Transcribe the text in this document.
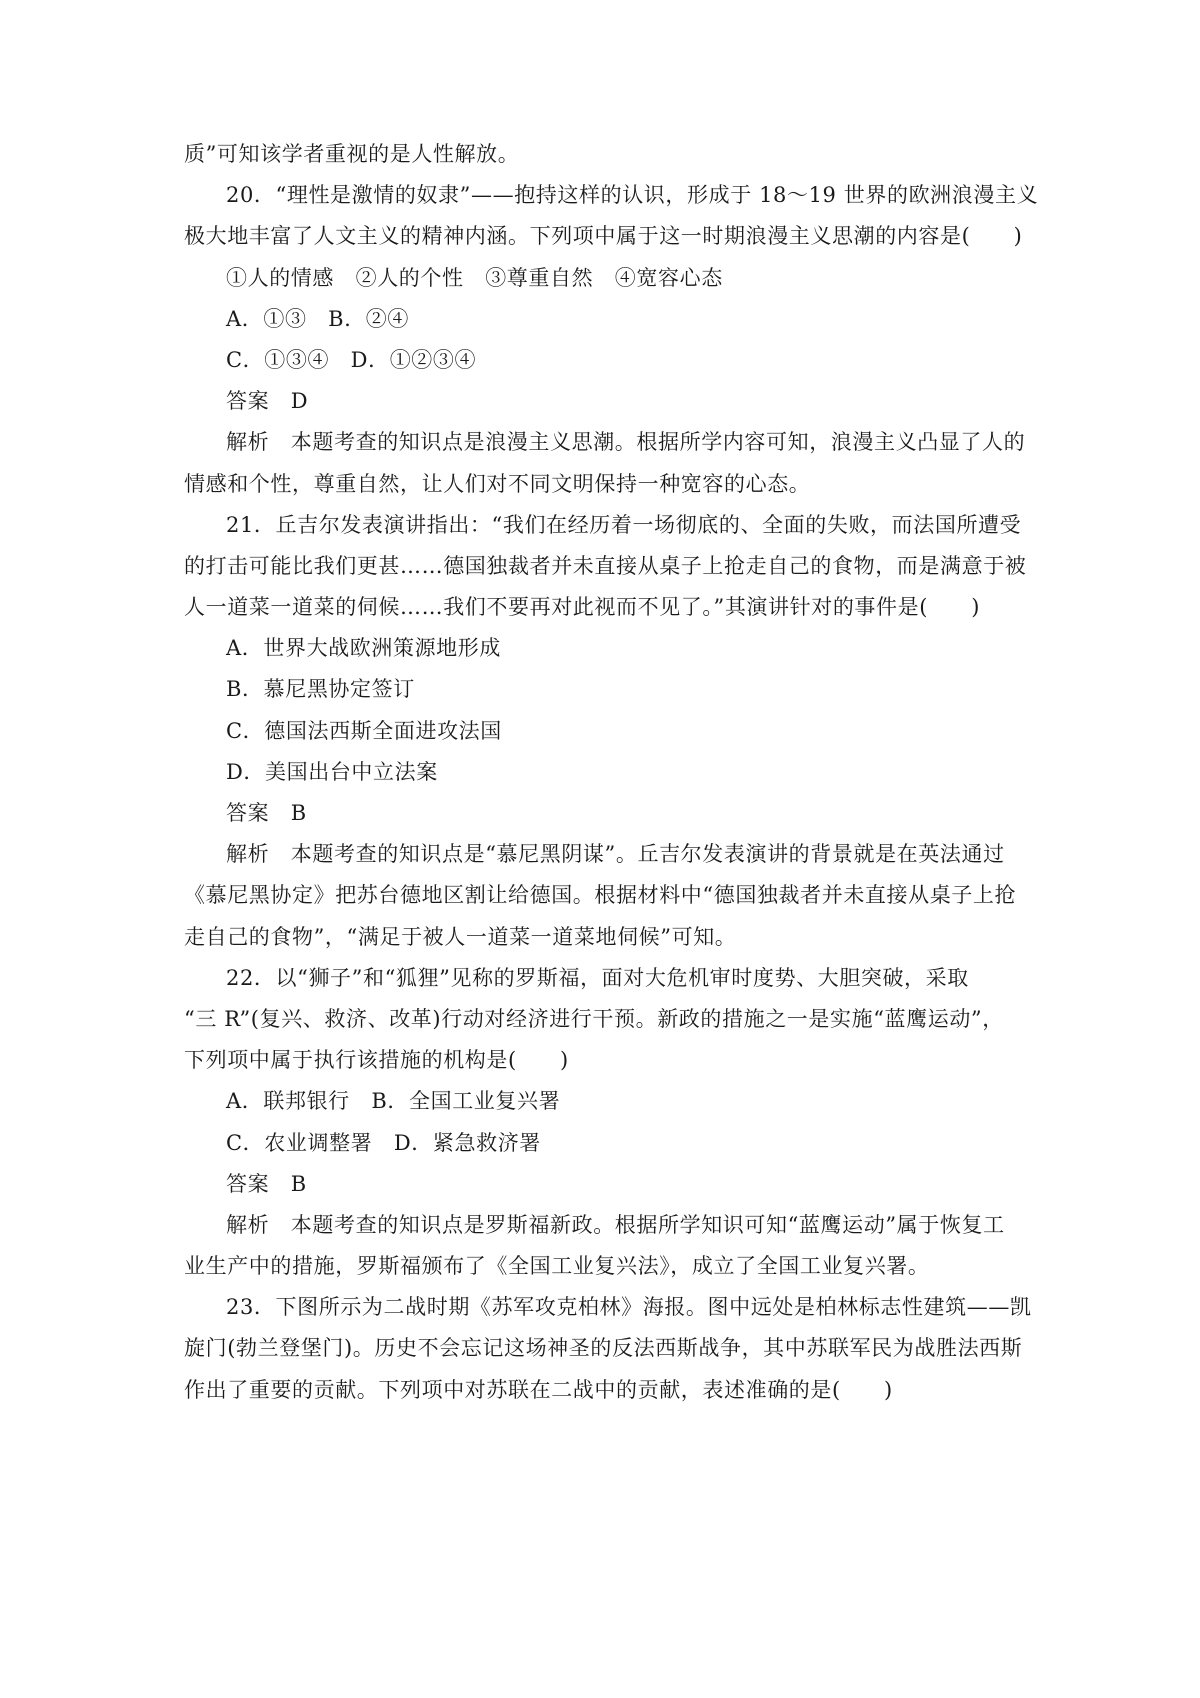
质”可知该学者重视的是人性解放。
20．“理性是激情的奴隶”——抱持这样的认识，形成于 18～19 世界的欧洲浪漫主义
极大地丰富了人文主义的精神内涵。下列项中属于这一时期浪漫主义思潮的内容是(　　)
①人的情感　②人的个性　③尊重自然　④宽容心态
A．①③　B．②④
C．①③④　D．①②③④
答案　D
解析　本题考查的知识点是浪漫主义思潮。根据所学内容可知，浪漫主义凸显了人的
情感和个性，尊重自然，让人们对不同文明保持一种宽容的心态。
21．丘吉尔发表演讲指出：“我们在经历着一场彻底的、全面的失败，而法国所遭受
的打击可能比我们更甚……德国独裁者并未直接从桌子上抢走自己的食物，而是满意于被
人一道菜一道菜的伺候……我们不要再对此视而不见了。”其演讲针对的事件是(　　)
A．世界大战欧洲策源地形成
B．慕尼黑协定签订
C．德国法西斯全面进攻法国
D．美国出台中立法案
答案　B
解析　本题考查的知识点是“慕尼黑阴谋”。丘吉尔发表演讲的背景就是在英法通过
《慕尼黑协定》把苏台德地区割让给德国。根据材料中“德国独裁者并未直接从桌子上抢
走自己的食物”，“满足于被人一道菜一道菜地伺候”可知。
22．以“狮子”和“狐狸”见称的罗斯福，面对大危机审时度势、大胆突破，采取
“三 R”(复兴、救济、改革)行动对经济进行干预。新政的措施之一是实施“蓝鹰运动”，
下列项中属于执行该措施的机构是(　　)
A．联邦银行　B．全国工业复兴署
C．农业调整署　D．紧急救济署
答案　B
解析　本题考查的知识点是罗斯福新政。根据所学知识可知“蓝鹰运动”属于恢复工
业生产中的措施，罗斯福颁布了《全国工业复兴法》，成立了全国工业复兴署。
23．下图所示为二战时期《苏军攻克柏林》海报。图中远处是柏林标志性建筑——凯
旋门(勃兰登堡门)。历史不会忘记这场神圣的反法西斯战争，其中苏联军民为战胜法西斯
作出了重要的贡献。下列项中对苏联在二战中的贡献，表述准确的是(　　)
